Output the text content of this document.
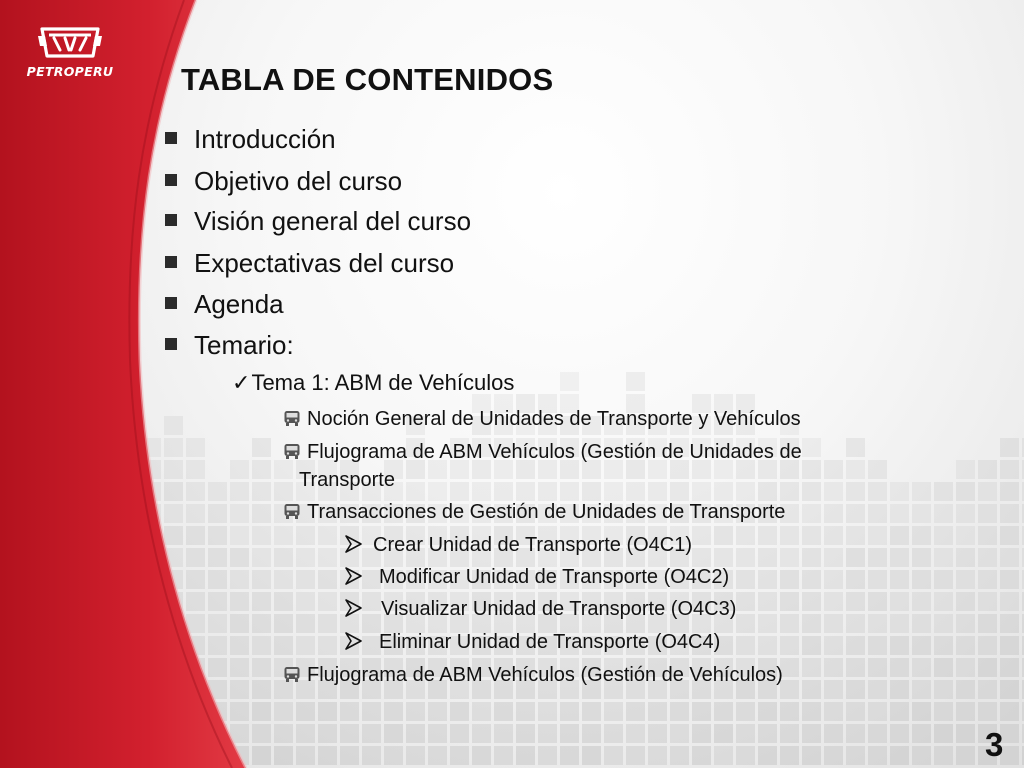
PETROPERU	TABLA DE CONTENIDOS
Introducción
Objetivo del curso
Visión general del curso
Expectativas del curso
Agenda
Temario:
✓Tema 1: ABM de Vehículos
Noción General de Unidades de Transporte y Vehículos
Flujograma de ABM Vehículos (Gestión de Unidades de
Transporte
Transacciones de Gestión de Unidades de Transporte
Crear Unidad de Transporte (O4C1)
Modificar Unidad de Transporte (O4C2)
Visualizar Unidad de Transporte (O4C3)
Eliminar Unidad de Transporte (O4C4)
Flujograma de ABM Vehículos (Gestión de Vehículos)
3
